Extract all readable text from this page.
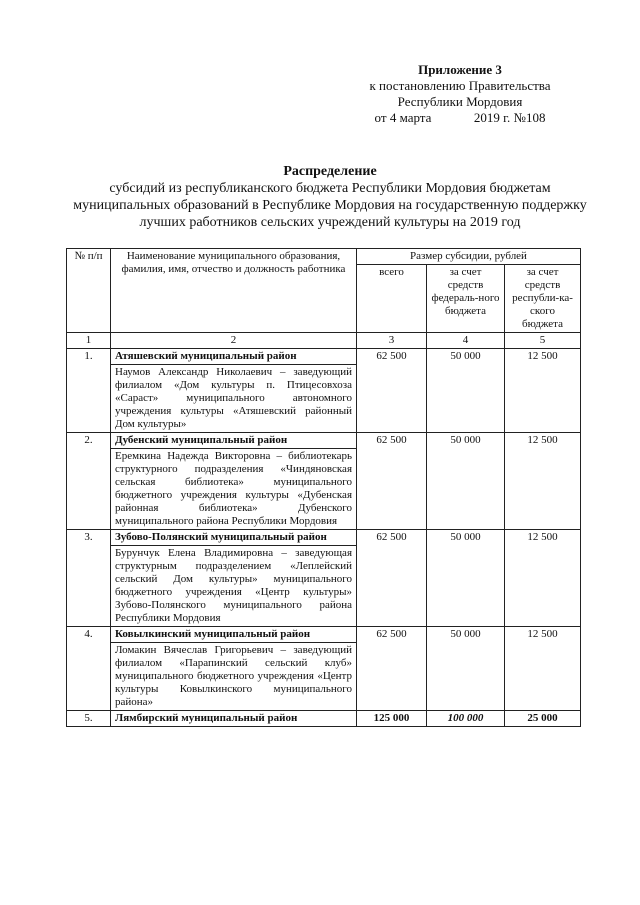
Приложение 3
к постановлению Правительства
Республики Мордовия
от 4 марта	2019 г. №108
Распределение
субсидий из республиканского бюджета Республики Мордовия бюджетам муниципальных образований в Республике Мордовия на государственную поддержку лучших работников сельских учреждений культуры на 2019 год
№ п/п	Наименование муниципального образования, фамилия, имя, отчество и должность работника	Размер субсидии, рублей		
		всего	за счет средств федераль-ного бюджета	за счет средств республи-ка-ского бюджета
1	2	3	4	5
1.	Атяшевский муниципальный район	62 500	50 000	12 500
	Наумов Александр Николаевич – заведующий филиалом «Дом культуры п. Птицесовхоза «Сараст» муниципального автономного учреждения культуры «Атяшевский районный Дом культуры»			
2.	Дубенский муниципальный район	62 500	50 000	12 500
	Еремкина Надежда Викторовна – библиотекарь структурного подразделения «Чиндяновская сельская библиотека» муниципального бюджетного учреждения культуры «Дубенская районная библиотека» Дубенского муниципального района Республики Мордовия			
3.	Зубово-Полянский муниципальный район	62 500	50 000	12 500
	Бурунчук Елена Владимировна – заведующая структурным подразделением «Леплейский сельский Дом культуры» муниципального бюджетного учреждения «Центр культуры» Зубово-Полянского муниципального района Республики Мордовия			
4.	Ковылкинский муниципальный район	62 500	50 000	12 500
	Ломакин Вячеслав Григорьевич – заведующий филиалом «Парапинский сельский клуб» муниципального бюджетного учреждения «Центр культуры Ковылкинского муниципального района»			
5.	Лямбирский муниципальный район	125 000	100 000	25 000
